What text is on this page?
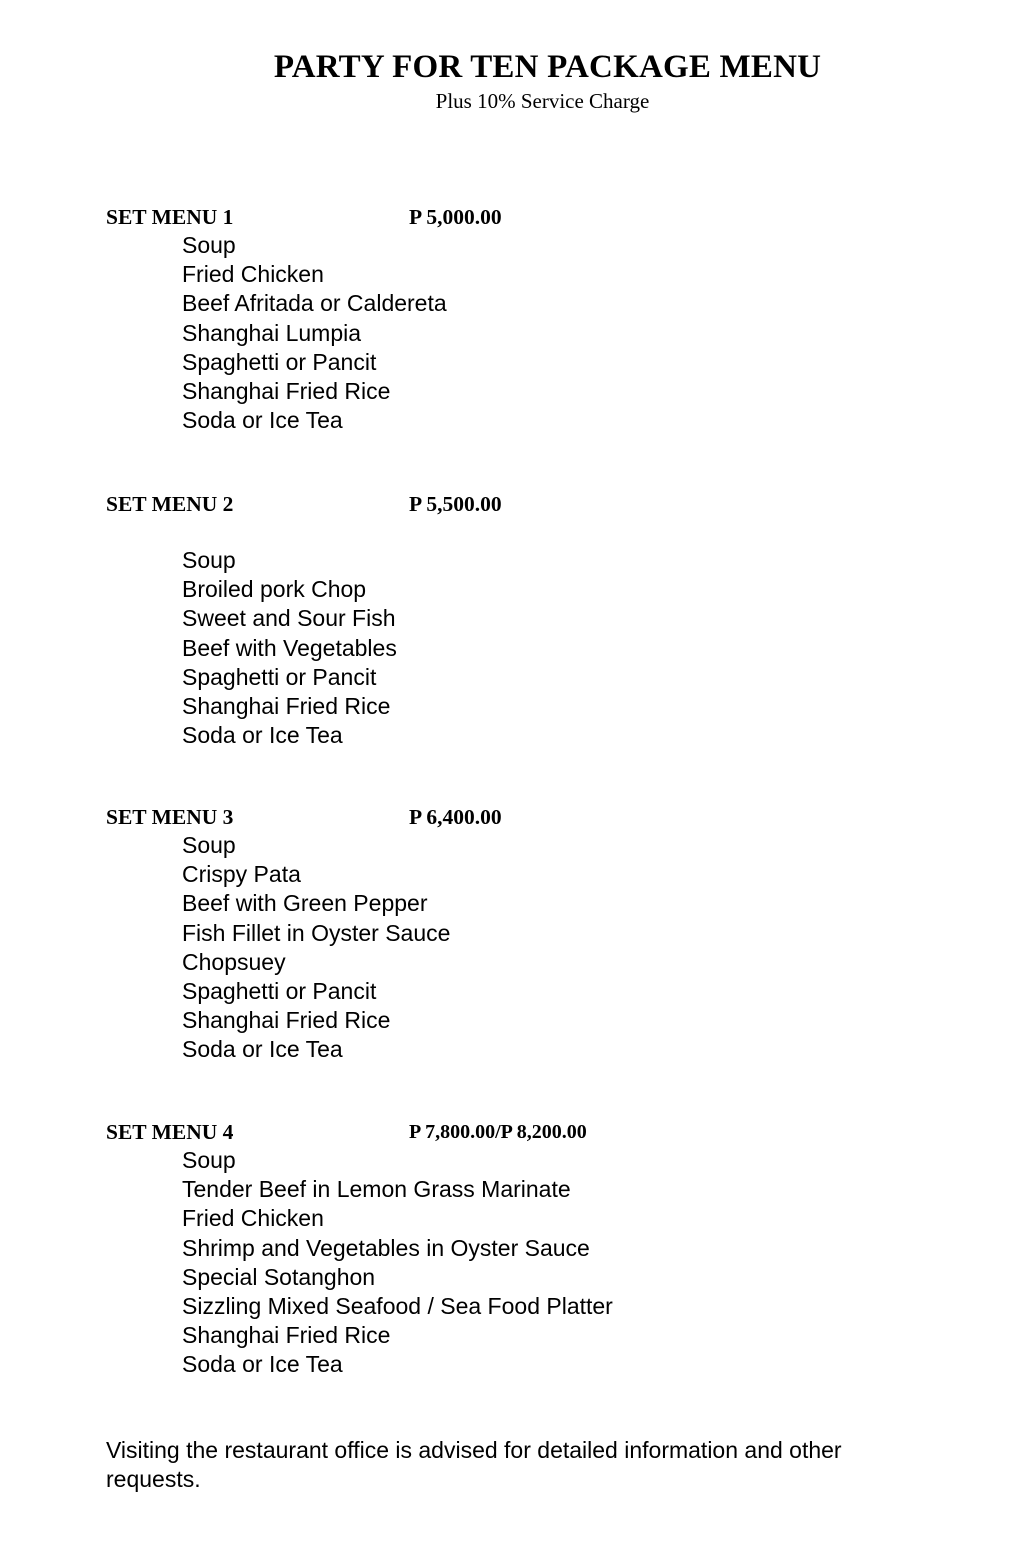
PARTY FOR TEN PACKAGE MENU
Plus 10% Service Charge
SET MENU 1	P 5,000.00
Soup
Fried Chicken
Beef Afritada or Caldereta
Shanghai Lumpia
Spaghetti or Pancit
Shanghai Fried Rice
Soda or Ice Tea
SET MENU 2	P 5,500.00
Soup
Broiled pork Chop
Sweet and Sour Fish
Beef with Vegetables
Spaghetti or Pancit
Shanghai Fried Rice
Soda or Ice Tea
SET MENU 3	P 6,400.00
Soup
Crispy Pata
Beef with Green Pepper
Fish Fillet in Oyster Sauce
Chopsuey
Spaghetti or Pancit
Shanghai Fried Rice
Soda or Ice Tea
SET MENU 4	P 7,800.00/P 8,200.00
Soup
Tender Beef in Lemon Grass Marinate
Fried Chicken
Shrimp and Vegetables in Oyster Sauce
Special Sotanghon
Sizzling Mixed Seafood / Sea Food Platter
Shanghai Fried Rice
Soda or Ice Tea

Visiting the restaurant office is advised for detailed information and other requests.
